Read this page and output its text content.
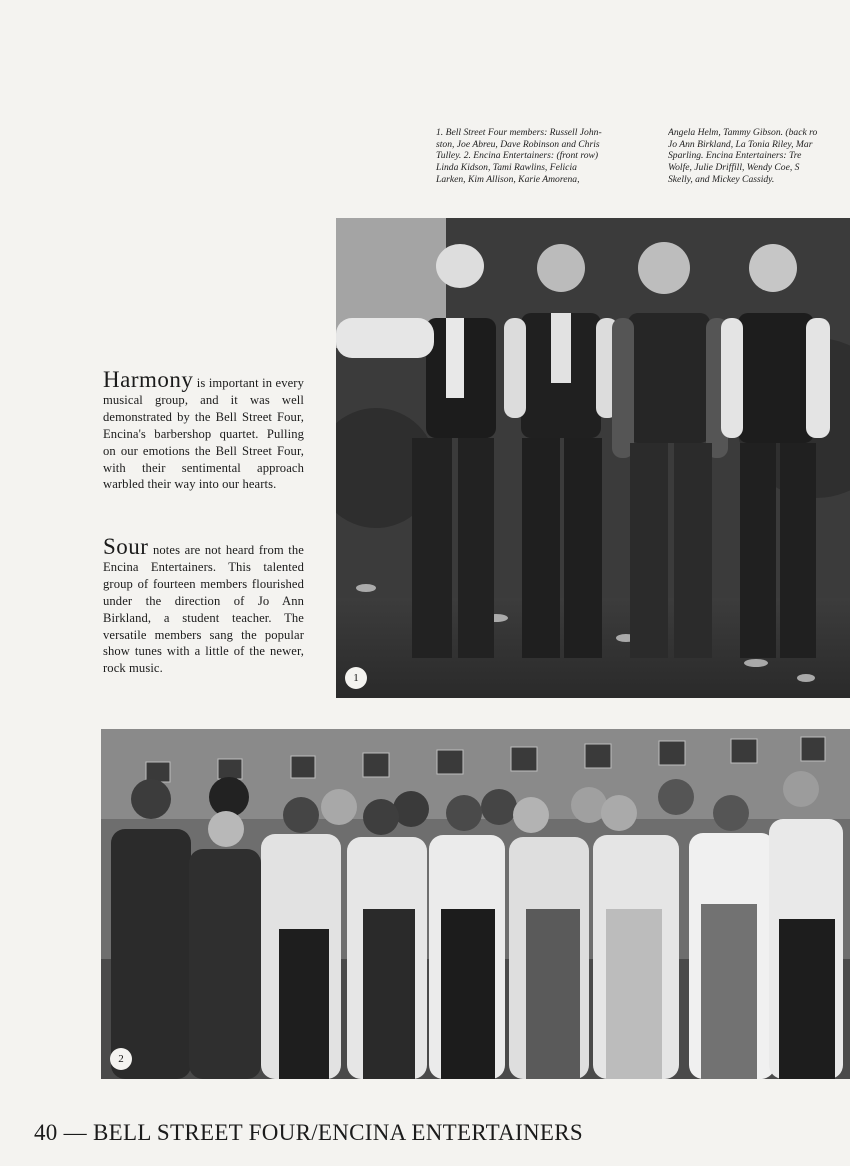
1. Bell Street Four members: Russell John-
ston, Joe Abreu, Dave Robinson and Chris
Tulley. 2. Encina Entertainers: (front row)
Linda Kidson, Tami Rawlins, Felicia
Larken, Kim Allison, Karie Amorena,
Angela Helm, Tammy Gibson. (back ro
Jo Ann Birkland, La Tonia Riley, Mar
Sparling. Encina Entertainers: Tre
Wolfe, Julie Driffill, Wendy Coe, S
Skelly, and Mickey Cassidy.
1
Harmony is important in every musical group, and it was well demonstrated by the Bell Street Four, Encina's barbershop quartet. Pulling on our emotions the Bell Street Four, with their sentimental approach warbled their way into our hearts.
Sour notes are not heard from the Encina Entertainers. This talented group of fourteen members flourished under the direction of Jo Ann Birkland, a student teacher. The versatile members sang the popular show tunes with a little of the newer, rock music.
2
40 — BELL STREET FOUR/ENCINA ENTERTAINERS
